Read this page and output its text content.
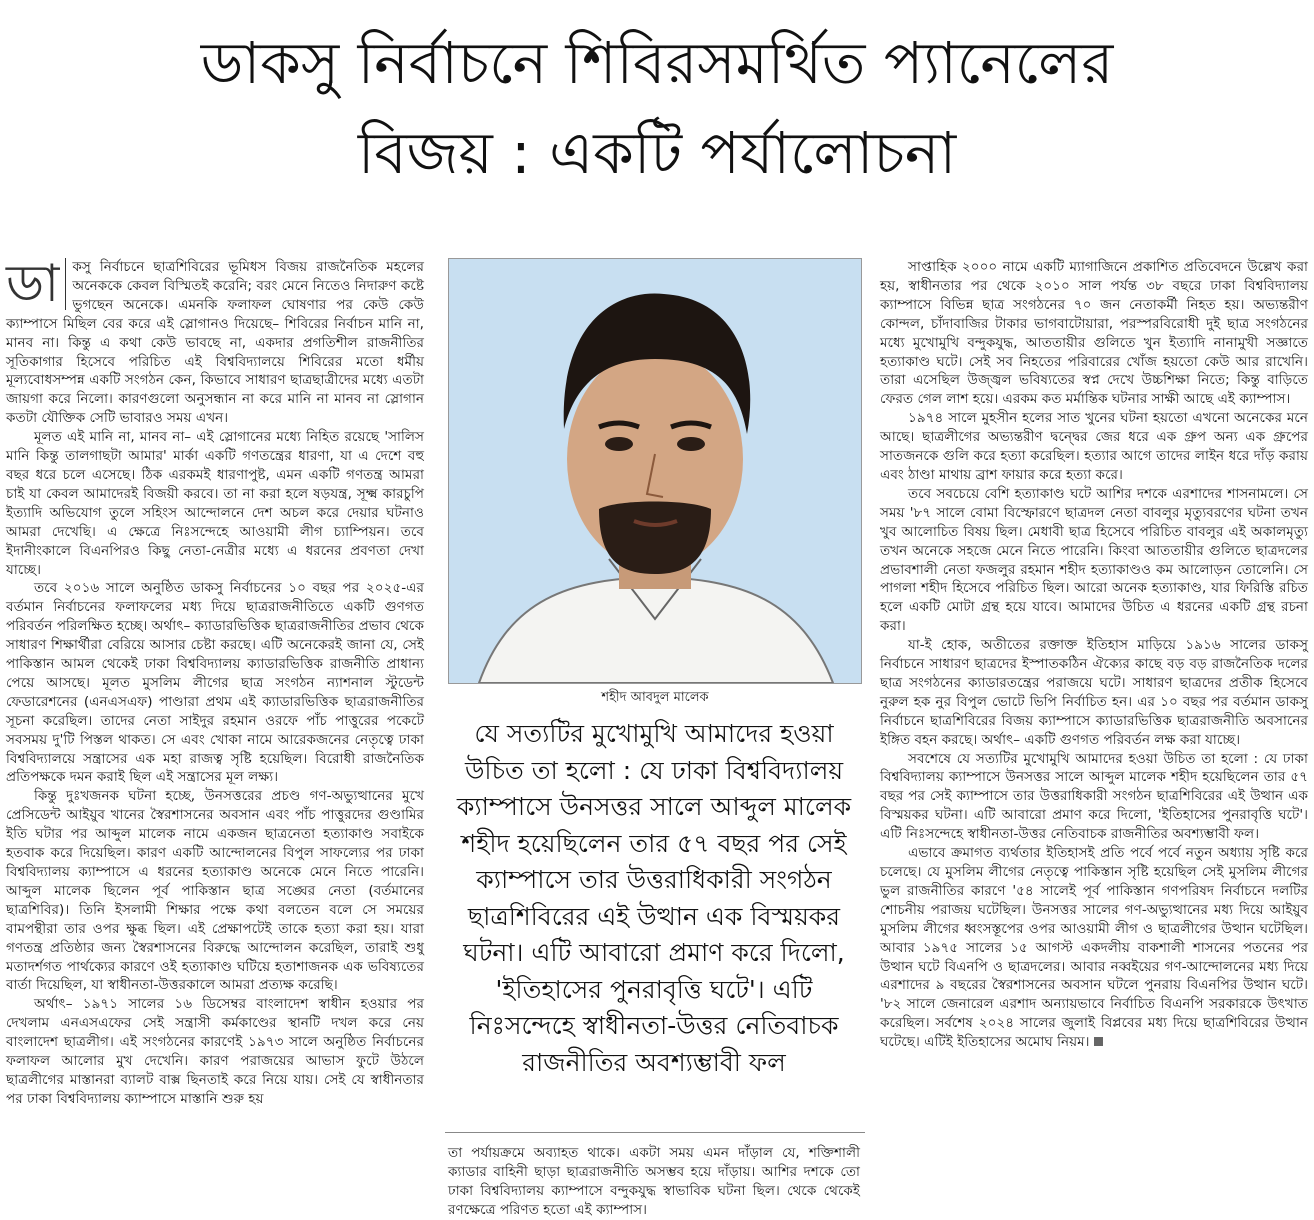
ডাকসু নির্বাচনে শিবিরসমর্থিত প্যানেলের
বিজয় : একটি পর্যালোচনা

ডা কসু নির্বাচনে ছাত্রশিবিরের ভূমিধস বিজয় রাজনৈতিক মহলের অনেককে কেবল বিস্মিতই করেনি; বরং মেনে নিতেও নিদারুণ কষ্টে ভুগছেন অনেকে। এমনকি ফলাফল ঘোষণার পর কেউ কেউ ক্যাম্পাসে মিছিল বের করে এই স্লোগানও দিয়েছে– শিবিরের নির্বাচন মানি না, মানব না। কিন্তু এ কথা কেউ ভাবছে না, একদার প্রগতিশীল রাজনীতির সূতিকাগার হিসেবে পরিচিত এই বিশ্ববিদ্যালয়ে শিবিরের মতো ধর্মীয় মূল্যবোধসম্পন্ন একটি সংগঠন কেন, কিভাবে সাধারণ ছাত্রছাত্রীদের মধ্যে এতটা জায়গা করে নিলো। কারণগুলো অনুসন্ধান না করে মানি না মানব না স্লোগান কতটা যৌক্তিক সেটি ভাবারও সময় এখন।

মূলত এই মানি না, মানব না– এই স্লোগানের মধ্যে নিহিত রয়েছে 'সালিস মানি কিন্তু তালগাছটা আমার' মার্কা একটি গণতন্ত্রের ধারণা, যা এ দেশে বহু বছর ধরে চলে এসেছে। ঠিক এরকমই ধারণাপুষ্ট, এমন একটি গণতন্ত্র আমরা চাই যা কেবল আমাদেরই বিজয়ী করবে। তা না করা হলে ষড়যন্ত্র, সূক্ষ্ম কারচুপি ইত্যাদি অভিযোগ তুলে সহিংস আন্দোলনে দেশ অচল করে দেয়ার ঘটনাও আমরা দেখেছি। এ ক্ষেত্রে নিঃসন্দেহে আওয়ামী লীগ চ্যাম্পিয়ন। তবে ইদানীংকালে বিএনপিরও কিছু নেতা-নেত্রীর মধ্যে এ ধরনের প্রবণতা দেখা যাচ্ছে।

তবে ২০১৬ সালে অনুষ্ঠিত ডাকসু নির্বাচনের ১০ বছর পর ২০২৫-এর বর্তমান নির্বাচনের ফলাফলের মধ্য দিয়ে ছাত্ররাজনীতিতে একটি গুণগত পরিবর্তন পরিলক্ষিত হচ্ছে। অর্থাৎ– ক্যাডারভিত্তিক ছাত্ররাজনীতির প্রভাব থেকে সাধারণ শিক্ষার্থীরা বেরিয়ে আসার চেষ্টা করছে। এটি অনেকেরই জানা যে, সেই পাকিস্তান আমল থেকেই ঢাকা বিশ্ববিদ্যালয় ক্যাডারভিত্তিক রাজনীতি প্রাধান্য পেয়ে আসছে। মূলত মুসলিম লীগের ছাত্র সংগঠন ন্যাশনাল স্টুডেন্ট ফেডারেশনের (এনএসএফ) পাণ্ডারা প্রথম এই ক্যাডারভিত্তিক ছাত্ররাজনীতির সূচনা করেছিল। তাদের নেতা সাইদুর রহমান ওরফে পাঁচ পাত্তুরের পকেটে সবসময় দু'টি পিস্তল থাকত। সে এবং খোকা নামে আরেকজনের নেতৃত্বে ঢাকা বিশ্ববিদ্যালয়ে সন্ত্রাসের এক মহা রাজত্ব সৃষ্টি হয়েছিল। বিরোধী রাজনৈতিক প্রতিপক্ষকে দমন করাই ছিল এই সন্ত্রাসের মূল লক্ষ্য।

কিন্তু দুঃখজনক ঘটনা হচ্ছে, উনসত্তরের প্রচণ্ড গণ-অভ্যুত্থানের মুখে প্রেসিডেন্ট আইয়ুব খানের স্বৈরশাসনের অবসান এবং পাঁচ পাত্তুরদের গুণ্ডামির ইতি ঘটার পর আব্দুল মালেক নামে একজন ছাত্রনেতা হত্যাকাণ্ড সবাইকে হতবাক করে দিয়েছিল। কারণ একটি আন্দোলনের বিপুল সাফল্যের পর ঢাকা বিশ্ববিদ্যালয় ক্যাম্পাসে এ ধরনের হত্যাকাণ্ড অনেকে মেনে নিতে পারেনি। আব্দুল মালেক ছিলেন পূর্ব পাকিস্তান ছাত্র সঙ্ঘের নেতা (বর্তমানের ছাত্রশিবির)। তিনি ইসলামী শিক্ষার পক্ষে কথা বলতেন বলে সে সময়ের বামপন্থীরা তার ওপর ক্ষুব্ধ ছিল। এই প্রেক্ষাপটেই তাকে হত্যা করা হয়। যারা গণতন্ত্র প্রতিষ্ঠার জন্য স্বৈরশাসনের বিরুদ্ধে আন্দোলন করেছিল, তারাই শুধু মতাদর্শগত পার্থক্যের কারণে ওই হত্যাকাণ্ড ঘটিয়ে হতাশাজনক এক ভবিষ্যতের বার্তা দিয়েছিল, যা স্বাধীনতা-উত্তরকালে আমরা প্রত্যক্ষ করেছি।

অর্থাৎ– ১৯৭১ সালের ১৬ ডিসেম্বর বাংলাদেশ স্বাধীন হওয়ার পর দেখলাম এনএসএফের সেই সন্ত্রাসী কর্মকাণ্ডের স্থানটি দখল করে নেয় বাংলাদেশ ছাত্রলীগ। এই সংগঠনের কারণেই ১৯৭৩ সালে অনুষ্ঠিত নির্বাচনের ফলাফল আলোর মুখ দেখেনি। কারণ পরাজয়ের আভাস ফুটে উঠলে ছাত্রলীগের মাস্তানরা ব্যালট বাক্স ছিনতাই করে নিয়ে যায়। সেই যে স্বাধীনতার পর ঢাকা বিশ্ববিদ্যালয় ক্যাম্পাসে মাস্তানি শুরু হয়

শহীদ আবদুল মালেক
যে সত্যটির মুখোমুখি আমাদের হওয়া উচিত তা হলো : যে ঢাকা বিশ্ববিদ্যালয় ক্যাম্পাসে উনসত্তর সালে আব্দুল মালেক শহীদ হয়েছিলেন তার ৫৭ বছর পর সেই ক্যাম্পাসে তার উত্তরাধিকারী সংগঠন ছাত্রশিবিরের এই উত্থান এক বিস্ময়কর ঘটনা। এটি আবারো প্রমাণ করে দিলো, 'ইতিহাসের পুনরাবৃত্তি ঘটে'। এটি নিঃসন্দেহে স্বাধীনতা-উত্তর নেতিবাচক রাজনীতির অবশ্যম্ভাবী ফল
তা পর্যায়ক্রমে অব্যাহত থাকে। একটা সময় এমন দাঁড়াল যে, শক্তিশালী ক্যাডার বাহিনী ছাড়া ছাত্ররাজনীতি অসম্ভব হয়ে দাঁড়ায়। আশির দশকে তো ঢাকা বিশ্ববিদ্যালয় ক্যাম্পাসে বন্দুকযুদ্ধ স্বাভাবিক ঘটনা ছিল। থেকে থেকেই রণক্ষেত্রে পরিণত হতো এই ক্যাম্পাস।

সাপ্তাহিক ২০০০ নামে একটি ম্যাগাজিনে প্রকাশিত প্রতিবেদনে উল্লেখ করা হয়, স্বাধীনতার পর থেকে ২০১০ সাল পর্যন্ত ৩৮ বছরে ঢাকা বিশ্ববিদ্যালয় ক্যাম্পাসে বিভিন্ন ছাত্র সংগঠনের ৭০ জন নেতাকর্মী নিহত হয়। অভ্যন্তরীণ কোন্দল, চাঁদাবাজির টাকার ভাগবাটোয়ারা, পরস্পরবিরোধী দুই ছাত্র সংগঠনের মধ্যে মুখোমুখি বন্দুকযুদ্ধ, আততায়ীর গুলিতে খুন ইত্যাদি নানামুখী সজ্ঞাতে হত্যাকাণ্ড ঘটে। সেই সব নিহতের পরিবারের খোঁজ হয়তো কেউ আর রাখেনি। তারা এসেছিল উজ্জ্বল ভবিষ্যতের স্বপ্ন দেখে উচ্চশিক্ষা নিতে; কিন্তু বাড়িতে ফেরত গেল লাশ হয়ে। এরকম কত মর্মান্তিক ঘটনার সাক্ষী আছে এই ক্যাম্পাস।

১৯৭৪ সালে মুহসীন হলের সাত খুনের ঘটনা হয়তো এখনো অনেকের মনে আছে। ছাত্রলীগের অভ্যন্তরীণ দ্বন্দ্বের জের ধরে এক গ্রুপ অন্য এক গ্রুপের সাতজনকে গুলি করে হত্যা করেছিল। হত্যার আগে তাদের লাইন ধরে দাঁড় করায় এবং ঠাণ্ডা মাথায় ব্রাশ ফায়ার করে হত্যা করে।

তবে সবচেয়ে বেশি হত্যাকাণ্ড ঘটে আশির দশকে এরশাদের শাসনামলে। সে সময় '৮৭ সালে বোমা বিস্ফোরণে ছাত্রদল নেতা বাবলুর মৃত্যুবরণের ঘটনা তখন খুব আলোচিত বিষয় ছিল। মেধাবী ছাত্র হিসেবে পরিচিত বাবলুর এই অকালমৃত্যু তখন অনেকে সহজে মেনে নিতে পারেনি। কিংবা আততায়ীর গুলিতে ছাত্রদলের প্রভাবশালী নেতা ফজলুর রহমান শহীদ হত্যাকাণ্ডও কম আলোড়ন তোলেনি। সে পাগলা শহীদ হিসেবে পরিচিত ছিল। আরো অনেক হত্যাকাণ্ড, যার ফিরিস্তি রচিত হলে একটি মোটা গ্রন্থ হয়ে যাবে। আমাদের উচিত এ ধরনের একটি গ্রন্থ রচনা করা।

যা-ই হোক, অতীতের রক্তাক্ত ইতিহাস মাড়িয়ে ১৯১৬ সালের ডাকসু নির্বাচনে সাধারণ ছাত্রদের ইস্পাতকঠিন ঐক্যের কাছে বড় বড় রাজনৈতিক দলের ছাত্র সংগঠনের ক্যাডারতন্ত্রের পরাজয়ে ঘটে। সাধারণ ছাত্রদের প্রতীক হিসেবে নুরুল হক নুর বিপুল ভোটে ভিপি নির্বাচিত হন। এর ১০ বছর পর বর্তমান ডাকসু নির্বাচনে ছাত্রশিবিরের বিজয় ক্যাম্পাসে ক্যাডারভিত্তিক ছাত্ররাজনীতি অবসানের ইঙ্গিত বহন করছে। অর্থাৎ– একটি গুণগত পরিবর্তন লক্ষ করা যাচ্ছে।

সবশেষে যে সত্যটির মুখোমুখি আমাদের হওয়া উচিত তা হলো : যে ঢাকা বিশ্ববিদ্যালয় ক্যাম্পাসে উনসত্তর সালে আব্দুল মালেক শহীদ হয়েছিলেন তার ৫৭ বছর পর সেই ক্যাম্পাসে তার উত্তরাধিকারী সংগঠন ছাত্রশিবিরের এই উত্থান এক বিস্ময়কর ঘটনা। এটি আবারো প্রমাণ করে দিলো, 'ইতিহাসের পুনরাবৃত্তি ঘটে'। এটি নিঃসন্দেহে স্বাধীনতা-উত্তর নেতিবাচক রাজনীতির অবশ্যম্ভাবী ফল।

এভাবে ক্রমাগত ব্যর্থতার ইতিহাসই প্রতি পর্বে পর্বে নতুন অধ্যায় সৃষ্টি করে চলেছে। যে মুসলিম লীগের নেতৃত্বে পাকিস্তান সৃষ্টি হয়েছিল সেই মুসলিম লীগের ভুল রাজনীতির কারণে '৫৪ সালেই পূর্ব পাকিস্তান গণপরিষদ নির্বাচনে দলটির শোচনীয় পরাজয় ঘটেছিল। উনসত্তর সালের গণ-অভ্যুত্থানের মধ্য দিয়ে আইয়ুব মুসলিম লীগের ধ্বংসস্তূপের ওপর আওয়ামী লীগ ও ছাত্রলীগের উত্থান ঘটেছিল। আবার ১৯৭৫ সালের ১৫ আগস্ট একদলীয় বাকশালী শাসনের পতনের পর উত্থান ঘটে বিএনপি ও ছাত্রদলের। আবার নব্বইয়ের গণ-আন্দোলনের মধ্য দিয়ে এরশাদের ৯ বছরের স্বৈরশাসনের অবসান ঘটলে পুনরায় বিএনপির উত্থান ঘটে। '৮২ সালে জেনারেল এরশাদ অন্যায়ভাবে নির্বাচিত বিএনপি সরকারকে উৎখাত করেছিল। সর্বশেষ ২০২৪ সালের জুলাই বিপ্লবের মধ্য দিয়ে ছাত্রশিবিরের উত্থান ঘটেছে। এটিই ইতিহাসের অমোঘ নিয়ম।
